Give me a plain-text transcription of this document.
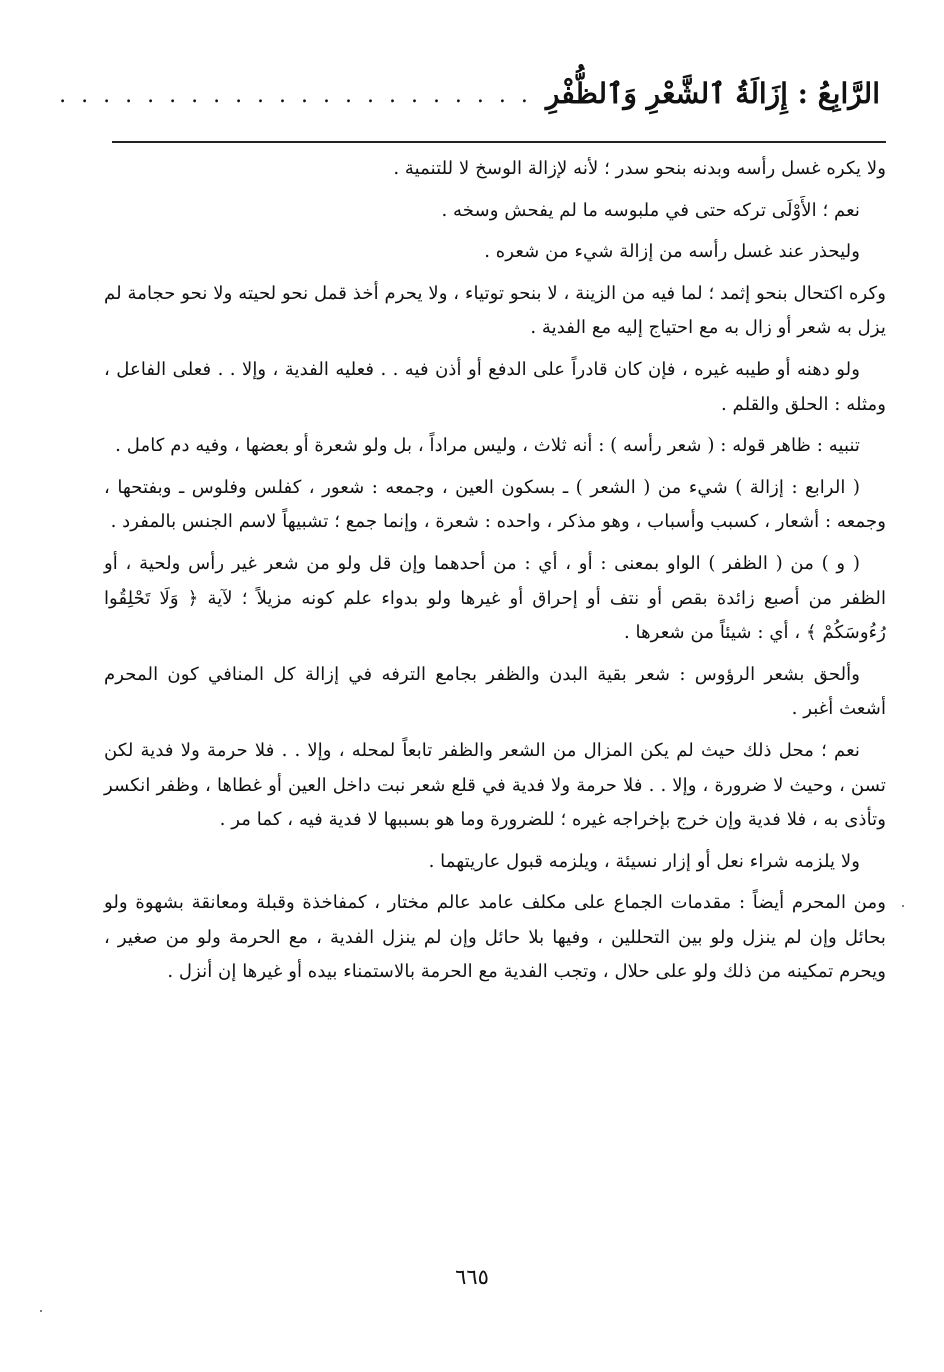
الرَّابِعُ : إِزَالَةُ ٱلشَّعْرِ وَٱلظُّفْرِ
. . . . . . . . . . . . . . . . . . . . . .

ولا يكره غسل رأسه وبدنه بنحو سدر ؛ لأنه لإزالة الوسخ لا للتنمية .

نعم ؛ الأَوْلَى تركه حتى في ملبوسه ما لم يفحش وسخه .

وليحذر عند غسل رأسه من إزالة شيء من شعره .

وكره اكتحال بنحو إثمد ؛ لما فيه من الزينة ، لا بنحو توتياء ، ولا يحرم أخذ قمل نحو لحيته ولا نحو حجامة لم يزل به شعر أو زال به مع احتياج إليه مع الفدية .

ولو دهنه أو طيبه غيره ، فإن كان قادراً على الدفع أو أذن فيه . . فعليه الفدية ، وإلا . . فعلى الفاعل ، ومثله : الحلق والقلم .

تنبيه : ظاهر قوله : ( شعر رأسه ) : أنه ثلاث ، وليس مراداً ، بل ولو شعرة أو بعضها ، وفيه دم كامل .

( الرابع : إزالة ) شيء من ( الشعر ) ـ بسكون العين ، وجمعه : شعور ، كفلس وفلوس ـ وبفتحها ، وجمعه : أشعار ، كسبب وأسباب ، وهو مذكر ، واحده : شعرة ، وإنما جمع ؛ تشبيهاً لاسم الجنس بالمفرد .

( و ) من ( الظفر ) الواو بمعنى : أو ، أي : من أحدهما وإن قل ولو من شعر غير رأس ولحية ، أو الظفر من أصبع زائدة بقص أو نتف أو إحراق أو غيرها ولو بدواء علم كونه مزيلاً ؛ لآية ﴿ وَلَا تَحْلِقُوا رُءُوسَكُمْ ﴾ ، أي : شيئاً من شعرها .

وألحق بشعر الرؤوس : شعر بقية البدن والظفر بجامع الترفه في إزالة كل المنافي كون المحرم أشعث أغبر .

نعم ؛ محل ذلك حيث لم يكن المزال من الشعر والظفر تابعاً لمحله ، وإلا . . فلا حرمة ولا فدية لكن تسن ، وحيث لا ضرورة ، وإلا . . فلا حرمة ولا فدية في قلع شعر نبت داخل العين أو غطاها ، وظفر انكسر وتأذى به ، فلا فدية وإن خرج بإخراجه غيره ؛ للضرورة وما هو بسببها لا فدية فيه ، كما مر .

ولا يلزمه شراء نعل أو إزار نسيئة ، ويلزمه قبول عاريتهما .

ومن المحرم أيضاً : مقدمات الجماع على مكلف عامد عالم مختار ، كمفاخذة وقبلة ومعانقة بشهوة ولو بحائل وإن لم ينزل ولو بين التحللين ، وفيها بلا حائل وإن لم ينزل الفدية ، مع الحرمة ولو من صغير ، ويحرم تمكينه من ذلك ولو على حلال ، وتجب الفدية مع الحرمة بالاستمناء بيده أو غيرها إن أنزل .

٦٦٥
